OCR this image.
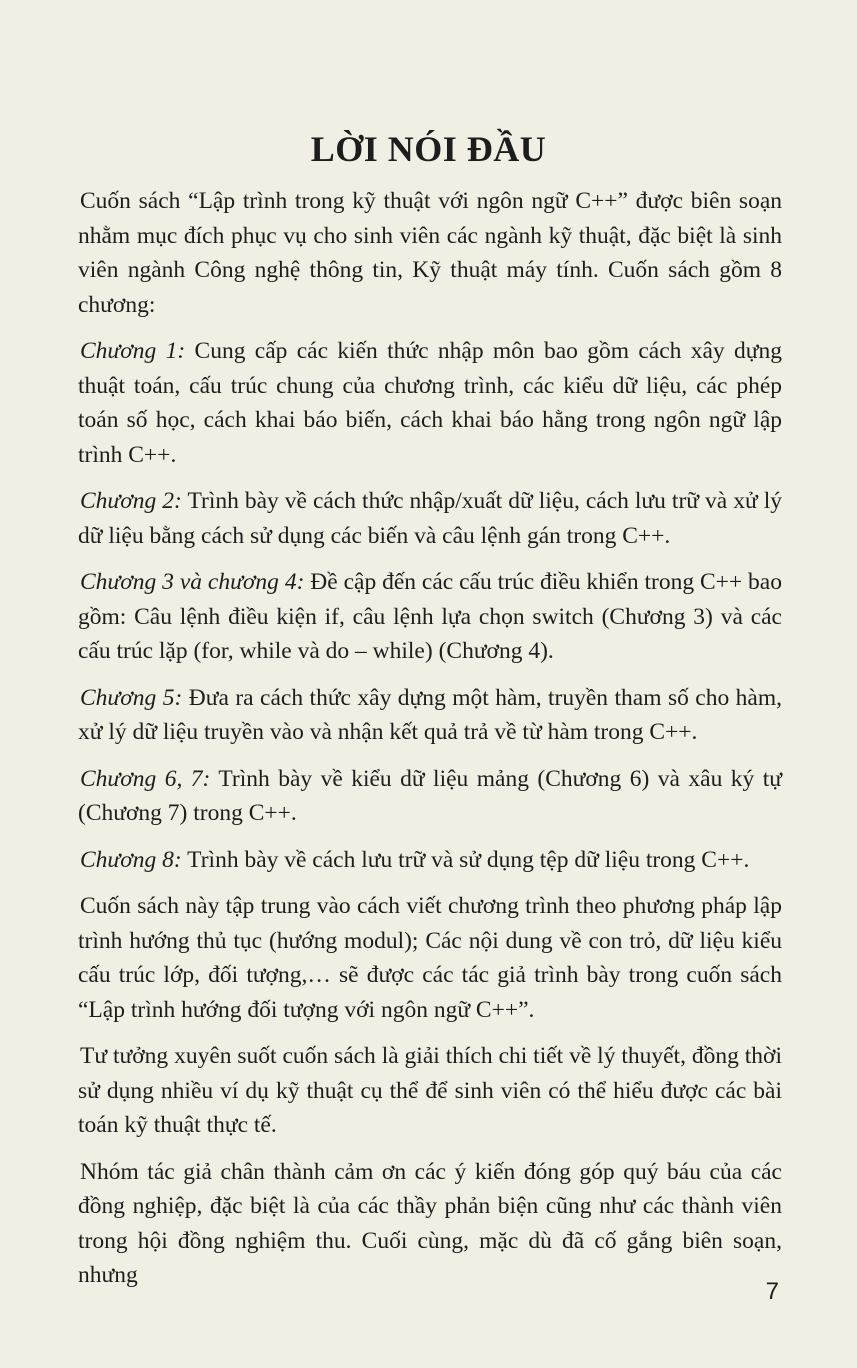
LỜI NÓI ĐẦU

Cuốn sách “Lập trình trong kỹ thuật với ngôn ngữ C++” được biên soạn nhằm mục đích phục vụ cho sinh viên các ngành kỹ thuật, đặc biệt là sinh viên ngành Công nghệ thông tin, Kỹ thuật máy tính. Cuốn sách gồm 8 chương:

Chương 1: Cung cấp các kiến thức nhập môn bao gồm cách xây dựng thuật toán, cấu trúc chung của chương trình, các kiểu dữ liệu, các phép toán số học, cách khai báo biến, cách khai báo hằng trong ngôn ngữ lập trình C++.

Chương 2: Trình bày về cách thức nhập/xuất dữ liệu, cách lưu trữ và xử lý dữ liệu bằng cách sử dụng các biến và câu lệnh gán trong C++.

Chương 3 và chương 4: Đề cập đến các cấu trúc điều khiển trong C++ bao gồm: Câu lệnh điều kiện if, câu lệnh lựa chọn switch (Chương 3) và các cấu trúc lặp (for, while và do – while) (Chương 4).

Chương 5: Đưa ra cách thức xây dựng một hàm, truyền tham số cho hàm, xử lý dữ liệu truyền vào và nhận kết quả trả về từ hàm trong C++.

Chương 6, 7: Trình bày về kiểu dữ liệu mảng (Chương 6) và xâu ký tự (Chương 7) trong C++.

Chương 8: Trình bày về cách lưu trữ và sử dụng tệp dữ liệu trong C++.

Cuốn sách này tập trung vào cách viết chương trình theo phương pháp lập trình hướng thủ tục (hướng modul); Các nội dung về con trỏ, dữ liệu kiểu cấu trúc lớp, đối tượng,… sẽ được các tác giả trình bày trong cuốn sách “Lập trình hướng đối tượng với ngôn ngữ C++”.

Tư tưởng xuyên suốt cuốn sách là giải thích chi tiết về lý thuyết, đồng thời sử dụng nhiều ví dụ kỹ thuật cụ thể để sinh viên có thể hiểu được các bài toán kỹ thuật thực tế.

Nhóm tác giả chân thành cảm ơn các ý kiến đóng góp quý báu của các đồng nghiệp, đặc biệt là của các thầy phản biện cũng như các thành viên trong hội đồng nghiệm thu. Cuối cùng, mặc dù đã cố gắng biên soạn, nhưng

7
